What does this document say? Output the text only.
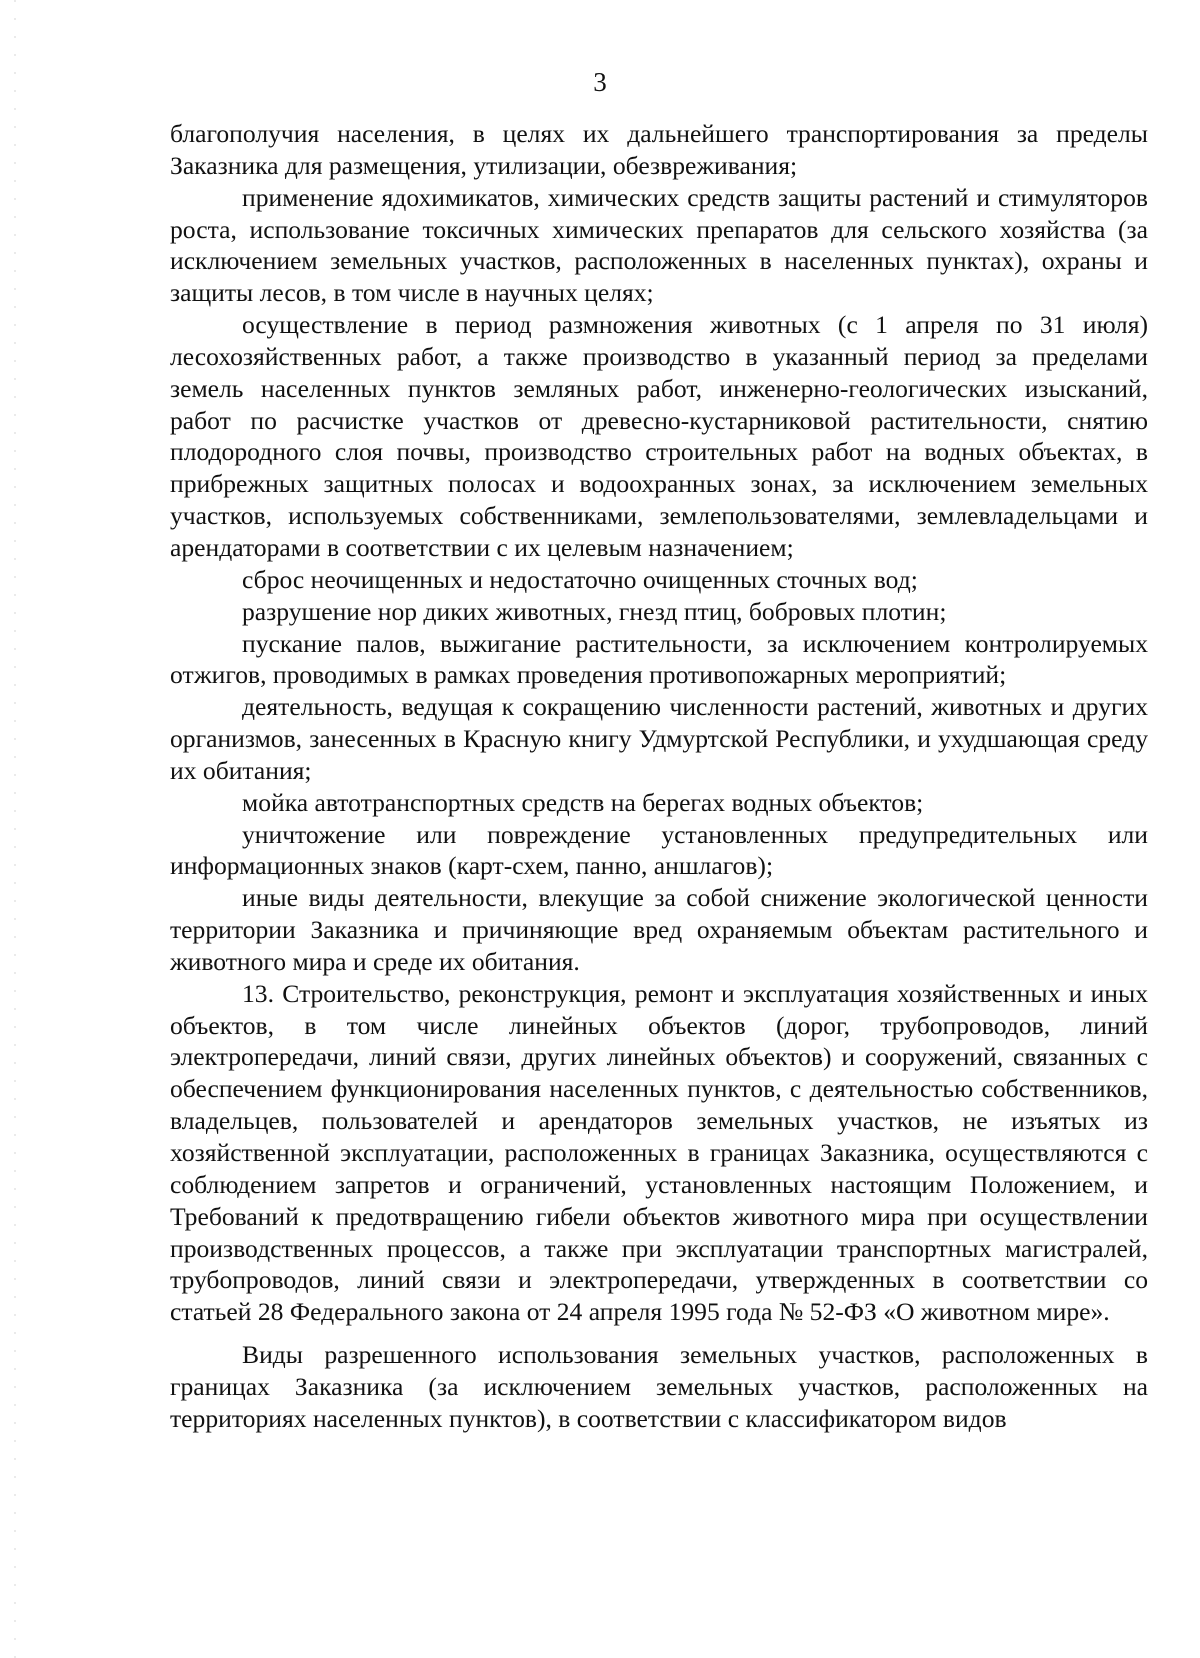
3

благополучия населения, в целях их дальнейшего транспортирования за пределы Заказника для размещения, утилизации, обезвреживания;

применение ядохимикатов, химических средств защиты растений и стимуляторов роста, использование токсичных химических препаратов для сельского хозяйства (за исключением земельных участков, расположенных в населенных пунктах), охраны и защиты лесов, в том числе в научных целях;

осуществление в период размножения животных (с 1 апреля по 31 июля) лесохозяйственных работ, а также производство в указанный период за пределами земель населенных пунктов земляных работ, инженерно-геологических изысканий, работ по расчистке участков от древесно-кустарниковой растительности, снятию плодородного слоя почвы, производство строительных работ на водных объектах, в прибрежных защитных полосах и водоохранных зонах, за исключением земельных участков, используемых собственниками, землепользователями, землевладельцами и арендаторами в соответствии с их целевым назначением;

сброс неочищенных и недостаточно очищенных сточных вод;

разрушение нор диких животных, гнезд птиц, бобровых плотин;

пускание палов, выжигание растительности, за исключением контролируемых отжигов, проводимых в рамках проведения противопожарных мероприятий;

деятельность, ведущая к сокращению численности растений, животных и других организмов, занесенных в Красную книгу Удмуртской Республики, и ухудшающая среду их обитания;

мойка автотранспортных средств на берегах водных объектов;

уничтожение или повреждение установленных предупредительных или информационных знаков (карт-схем, панно, аншлагов);

иные виды деятельности, влекущие за собой снижение экологической ценности территории Заказника и причиняющие вред охраняемым объектам растительного и животного мира и среде их обитания.

13. Строительство, реконструкция, ремонт и эксплуатация хозяйственных и иных объектов, в том числе линейных объектов (дорог, трубопроводов, линий электропередачи, линий связи, других линейных объектов) и сооружений, связанных с обеспечением функционирования населенных пунктов, с деятельностью собственников, владельцев, пользователей и арендаторов земельных участков, не изъятых из хозяйственной эксплуатации, расположенных в границах Заказника, осуществляются с соблюдением запретов и ограничений, установленных настоящим Положением, и Требований к предотвращению гибели объектов животного мира при осуществлении производственных процессов, а также при эксплуатации транспортных магистралей, трубопроводов, линий связи и электропередачи, утвержденных в соответствии со статьей 28 Федерального закона от 24 апреля 1995 года № 52-ФЗ «О животном мире».

Виды разрешенного использования земельных участков, расположенных в границах Заказника (за исключением земельных участков, расположенных на территориях населенных пунктов), в соответствии с классификатором видов
